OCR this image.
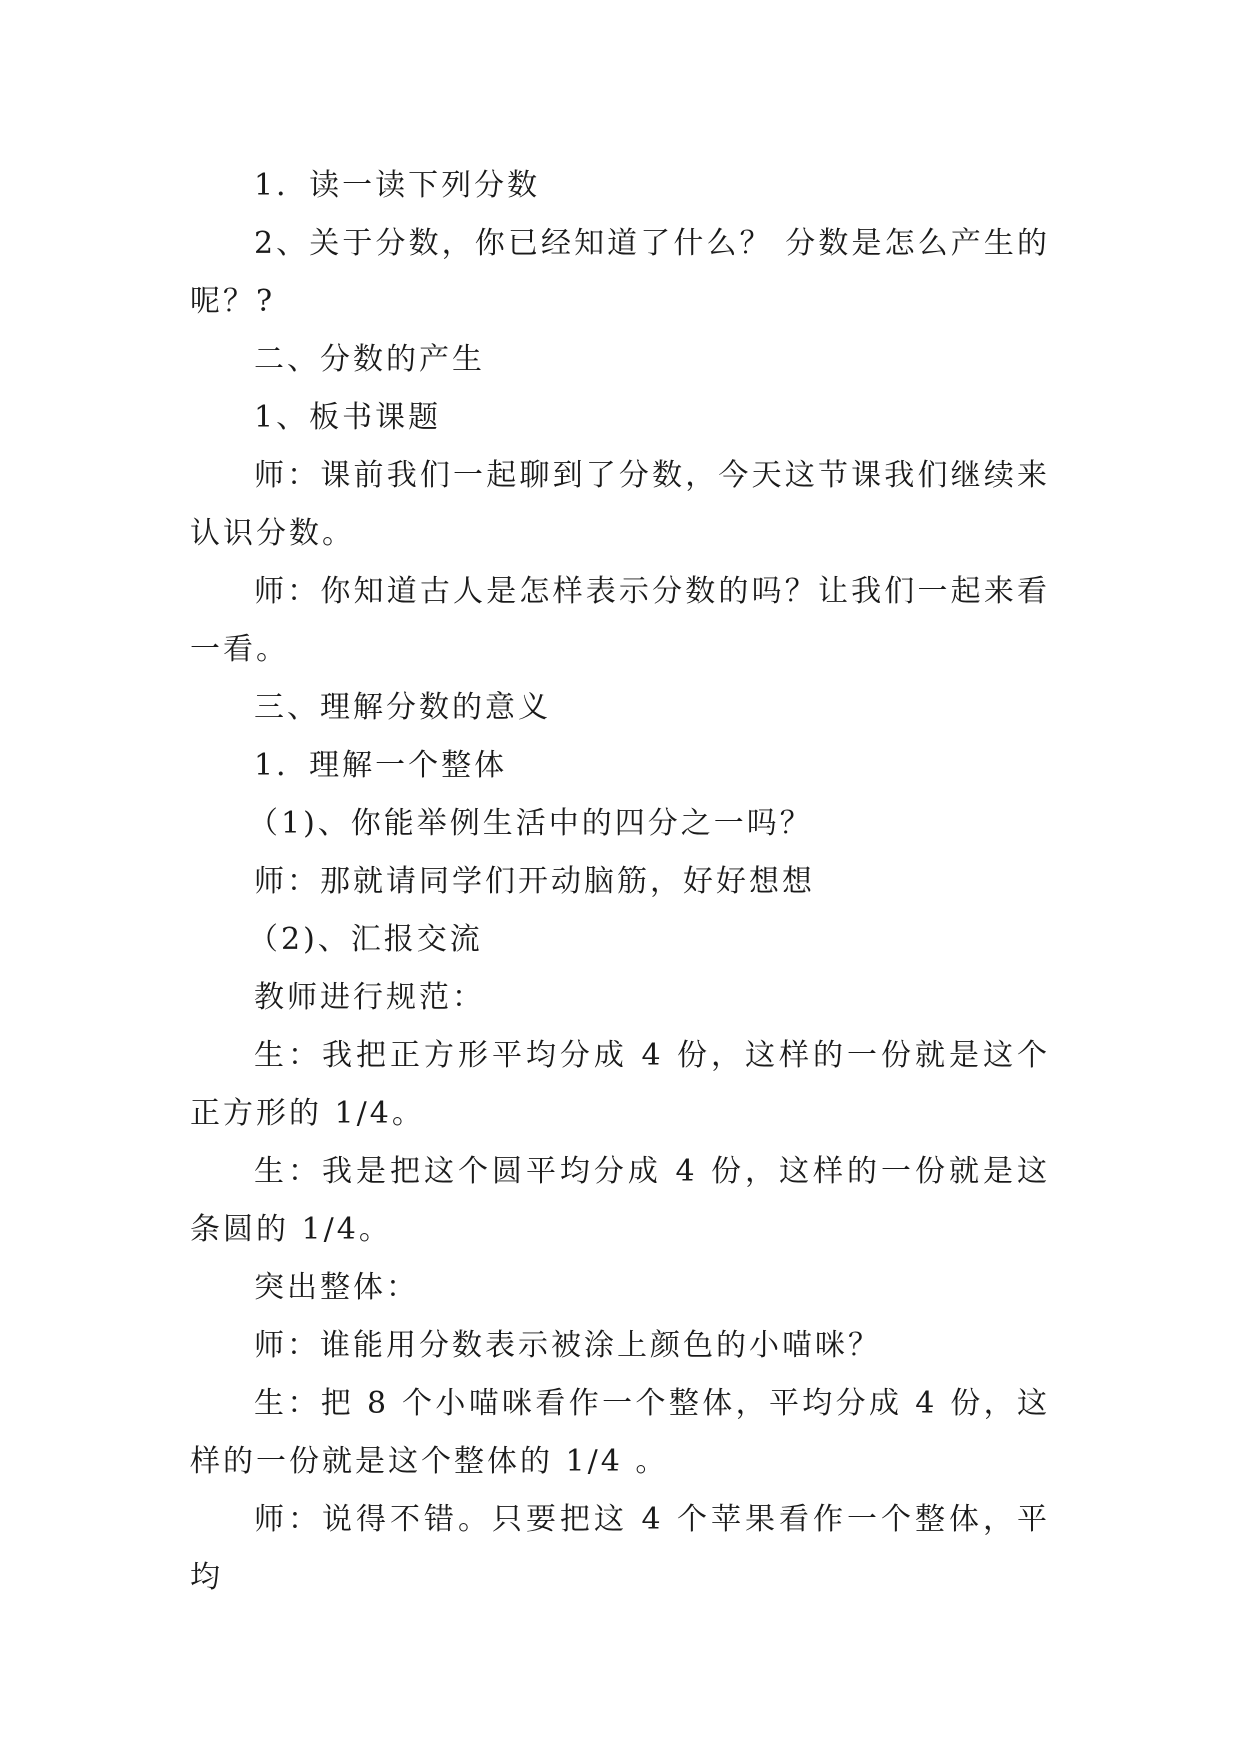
1．读一读下列分数

2、关于分数，你已经知道了什么？ 分数是怎么产生的呢？?

二、分数的产生

1、板书课题

师：课前我们一起聊到了分数，今天这节课我们继续来认识分数。

师：你知道古人是怎样表示分数的吗？让我们一起来看一看。

三、理解分数的意义

1．理解一个整体

（1)、你能举例生活中的四分之一吗？

师：那就请同学们开动脑筋，好好想想

（2)、汇报交流

教师进行规范：

生：我把正方形平均分成 4 份，这样的一份就是这个正方形的 1/4。

生：我是把这个圆平均分成 4 份，这样的一份就是这条圆的 1/4。

突出整体：

师：谁能用分数表示被涂上颜色的小喵咪？

生：把 8 个小喵咪看作一个整体，平均分成 4 份，这样的一份就是这个整体的 1/4 。

师：说得不错。只要把这 4 个苹果看作一个整体，平均
